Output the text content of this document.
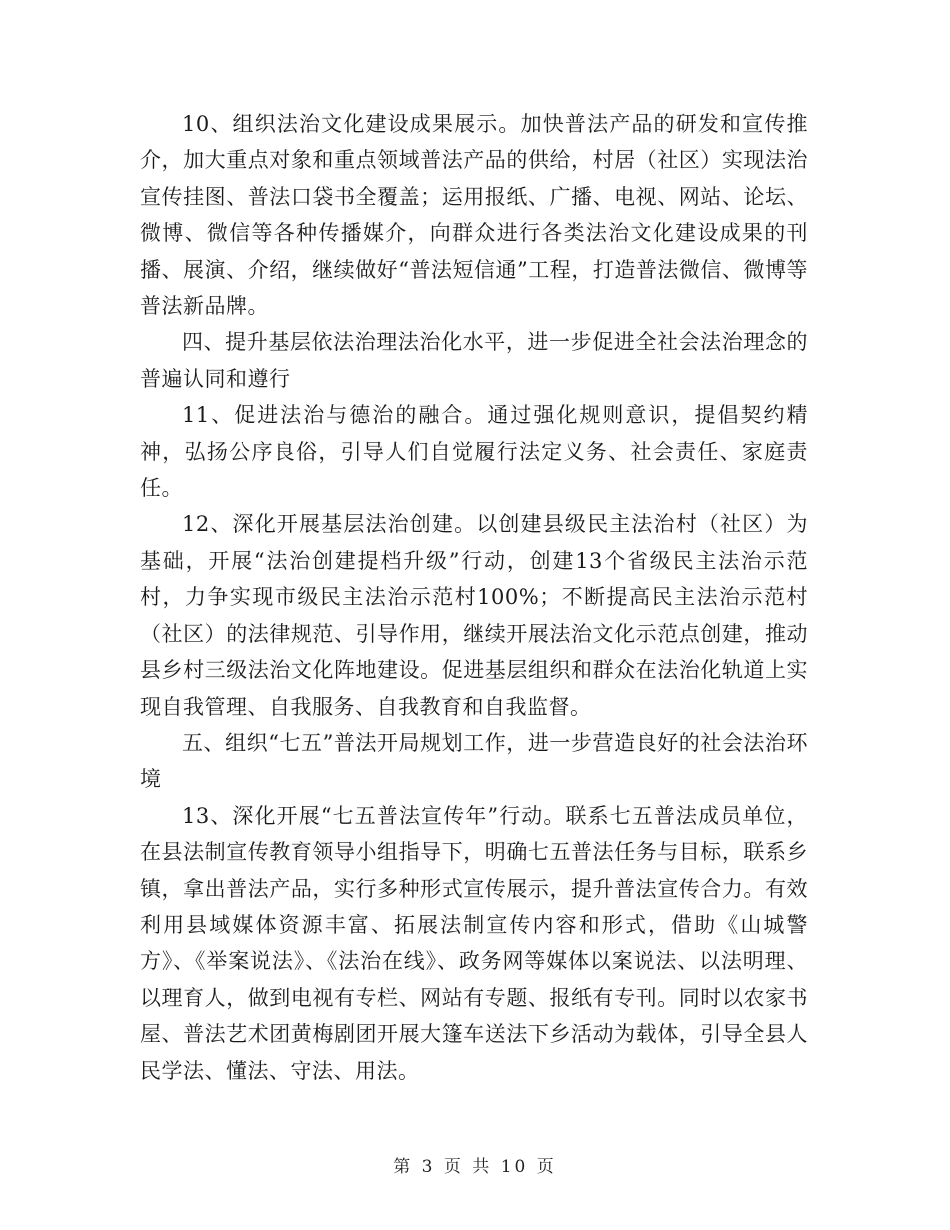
10、组织法治文化建设成果展示。加快普法产品的研发和宣传推介，加大重点对象和重点领域普法产品的供给，村居（社区）实现法治宣传挂图、普法口袋书全覆盖；运用报纸、广播、电视、网站、论坛、微博、微信等各种传播媒介，向群众进行各类法治文化建设成果的刊播、展演、介绍，继续做好“普法短信通”工程，打造普法微信、微博等普法新品牌。

四、提升基层依法治理法治化水平，进一步促进全社会法治理念的普遍认同和遵行

11、促进法治与德治的融合。通过强化规则意识，提倡契约精神，弘扬公序良俗，引导人们自觉履行法定义务、社会责任、家庭责任。

12、深化开展基层法治创建。以创建县级民主法治村（社区）为基础，开展“法治创建提档升级”行动，创建13个省级民主法治示范村，力争实现市级民主法治示范村100%；不断提高民主法治示范村（社区）的法律规范、引导作用，继续开展法治文化示范点创建，推动县乡村三级法治文化阵地建设。促进基层组织和群众在法治化轨道上实现自我管理、自我服务、自我教育和自我监督。

五、组织“七五”普法开局规划工作，进一步营造良好的社会法治环境

13、深化开展“七五普法宣传年”行动。联系七五普法成员单位，在县法制宣传教育领导小组指导下，明确七五普法任务与目标，联系乡镇，拿出普法产品，实行多种形式宣传展示，提升普法宣传合力。有效利用县域媒体资源丰富、拓展法制宣传内容和形式，借助《山城警方》、《举案说法》、《法治在线》、政务网等媒体以案说法、以法明理、以理育人，做到电视有专栏、网站有专题、报纸有专刊。同时以农家书屋、普法艺术团黄梅剧团开展大篷车送法下乡活动为载体，引导全县人民学法、懂法、守法、用法。

第 3 页 共 10 页
